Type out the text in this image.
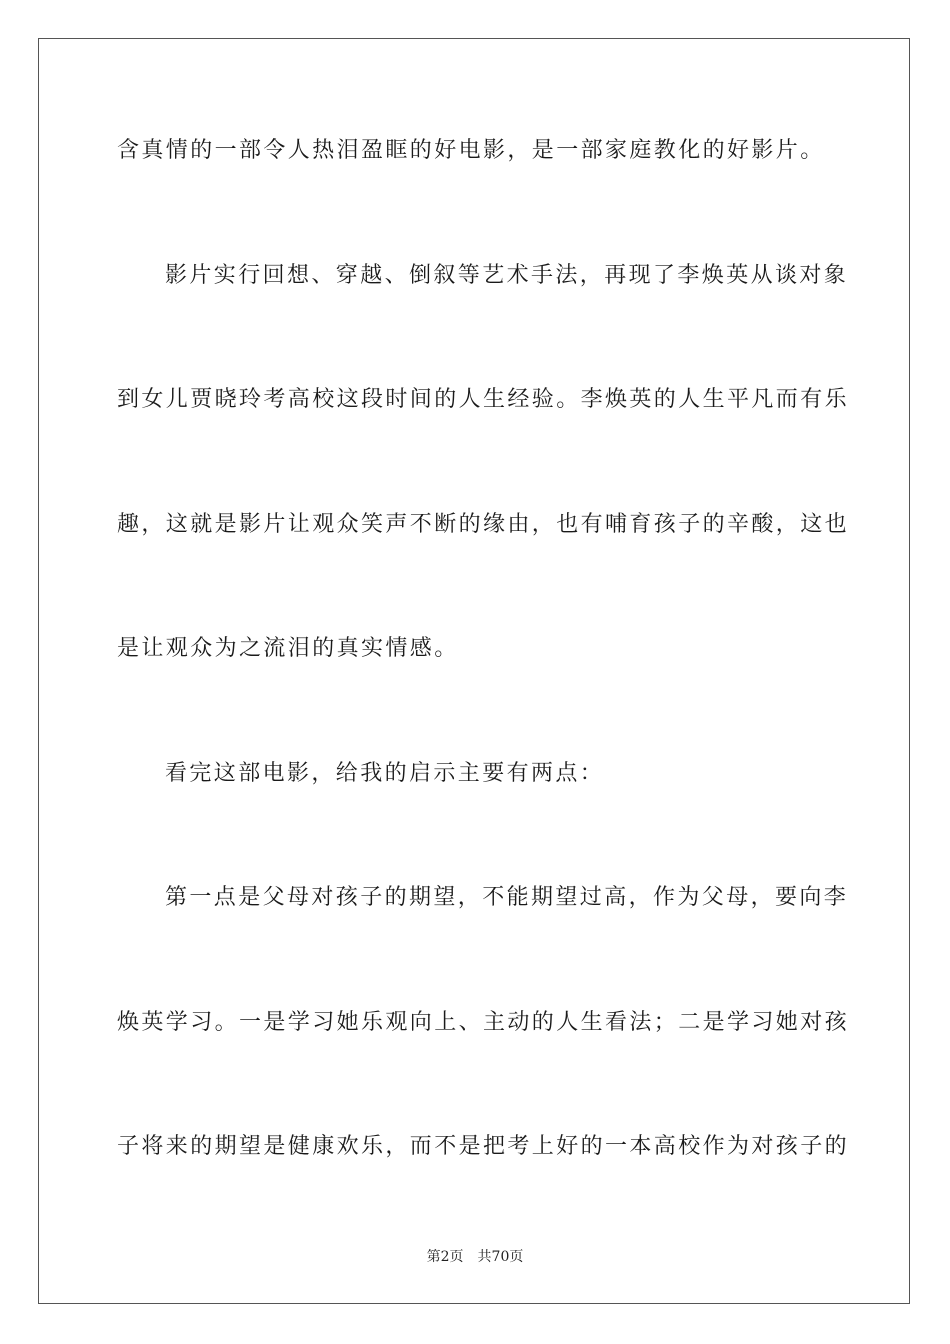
含真情的一部令人热泪盈眶的好电影，是一部家庭教化的好影片。
影片实行回想、穿越、倒叙等艺术手法，再现了李焕英从谈对象
到女儿贾晓玲考高校这段时间的人生经验。李焕英的人生平凡而有乐
趣，这就是影片让观众笑声不断的缘由，也有哺育孩子的辛酸，这也
是让观众为之流泪的真实情感。
看完这部电影，给我的启示主要有两点：
第一点是父母对孩子的期望，不能期望过高，作为父母，要向李
焕英学习。一是学习她乐观向上、主动的人生看法；二是学习她对孩
子将来的期望是健康欢乐，而不是把考上好的一本高校作为对孩子的
第2页 共70页
